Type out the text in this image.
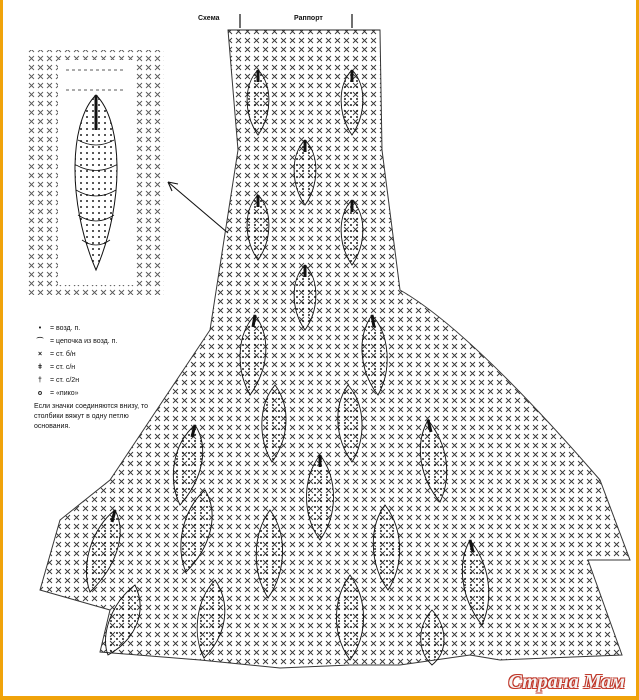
Схема	Раппорт
•	= возд. п.
⌒ = цепочка из возд. п.
×	= ст. б/н
ǂ	= ст. с/н
†	= ст. с/2н
o	= «пико»
Если значки соединяются внизу, то столбики вяжут в одну петлю основания.
Страна Мам
